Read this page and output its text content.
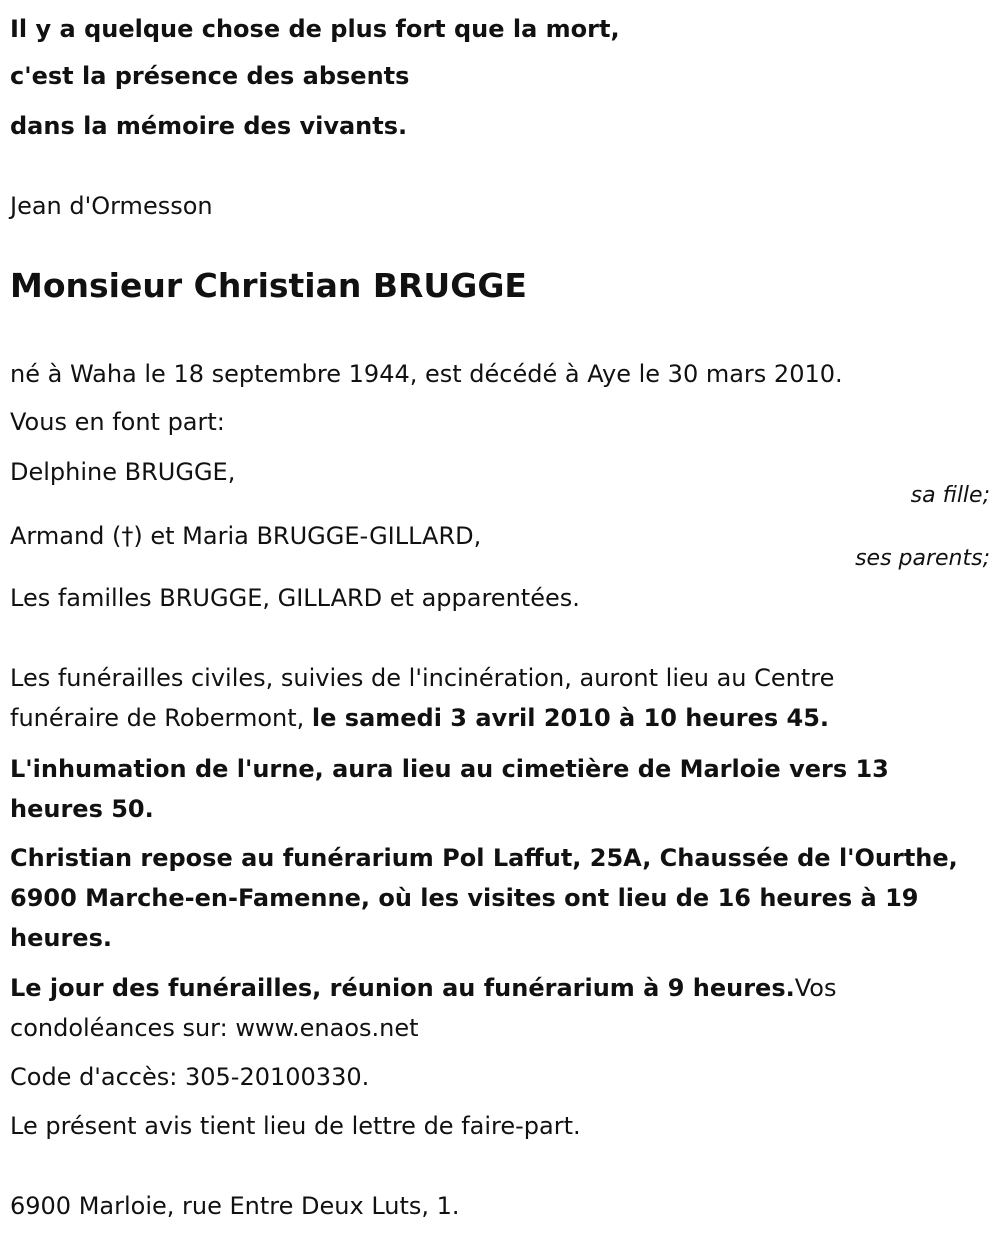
Il y a quelque chose de plus fort que la mort,
c'est la présence des absents
dans la mémoire des vivants.
Jean d'Ormesson
Monsieur Christian BRUGGE
né à Waha le 18 septembre 1944, est décédé à Aye le 30 mars 2010.
Vous en font part:
Delphine BRUGGE,
sa fille;
Armand (†) et Maria BRUGGE-GILLARD,
ses parents;
Les familles BRUGGE, GILLARD et apparentées.
Les funérailles civiles, suivies de l'incinération, auront lieu au Centre
funéraire de Robermont, le samedi 3 avril 2010 à 10 heures 45.
L'inhumation de l'urne, aura lieu au cimetière de Marloie vers 13
heures 50.
Christian repose au funérarium Pol Laffut, 25A, Chaussée de l'Ourthe,
6900 Marche-en-Famenne, où les visites ont lieu de 16 heures à 19
heures.
Le jour des funérailles, réunion au funérarium à 9 heures.Vos
condoléances sur: www.enaos.net
Code d'accès: 305-20100330.
Le présent avis tient lieu de lettre de faire-part.
6900 Marloie, rue Entre Deux Luts, 1.
